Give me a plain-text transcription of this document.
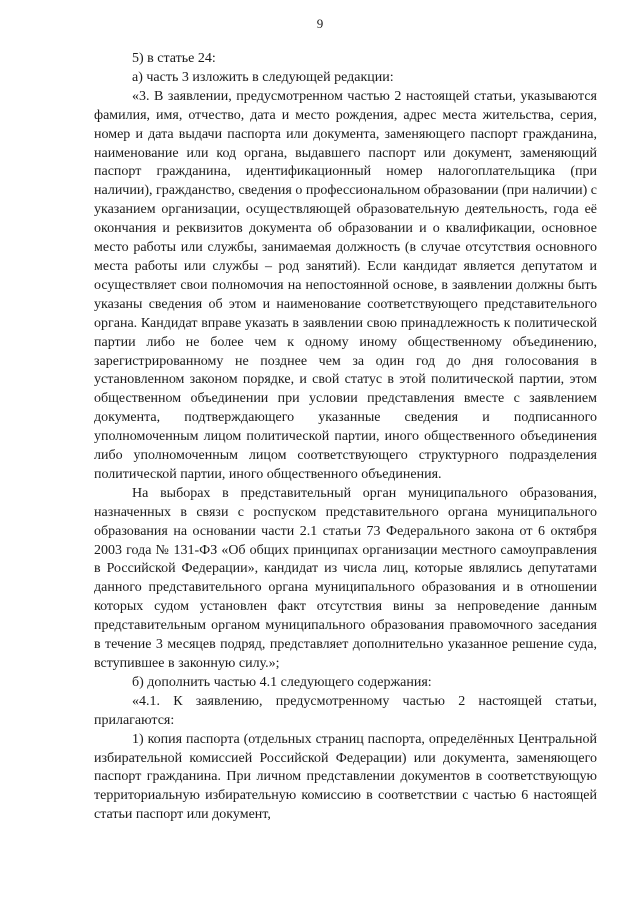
9

5) в статье 24:

а) часть 3 изложить в следующей редакции:

«3. В заявлении, предусмотренном частью 2 настоящей статьи, указываются фамилия, имя, отчество, дата и место рождения, адрес места жительства, серия, номер и дата выдачи паспорта или документа, заменяющего паспорт гражданина, наименование или код органа, выдавшего паспорт или документ, заменяющий паспорт гражданина, идентификационный номер налогоплательщика (при наличии), гражданство, сведения о профессиональном образовании (при наличии) с указанием организации, осуществляющей образовательную деятельность, года её окончания и реквизитов документа об образовании и о квалификации, основное место работы или службы, занимаемая должность (в случае отсутствия основного места работы или службы – род занятий). Если кандидат является депутатом и осуществляет свои полномочия на непостоянной основе, в заявлении должны быть указаны сведения об этом и наименование соответствующего представительного органа. Кандидат вправе указать в заявлении свою принадлежность к политической партии либо не более чем к одному иному общественному объединению, зарегистрированному не позднее чем за один год до дня голосования в установленном законом порядке, и свой статус в этой политической партии, этом общественном объединении при условии представления вместе с заявлением документа, подтверждающего указанные сведения и подписанного уполномоченным лицом политической партии, иного общественного объединения либо уполномоченным лицом соответствующего структурного подразделения политической партии, иного общественного объединения.

На выборах в представительный орган муниципального образования, назначенных в связи с роспуском представительного органа муниципального образования на основании части 2.1 статьи 73 Федерального закона от 6 октября 2003 года № 131-ФЗ «Об общих принципах организации местного самоуправления в Российской Федерации», кандидат из числа лиц, которые являлись депутатами данного представительного органа муниципального образования и в отношении которых судом установлен факт отсутствия вины за непроведение данным представительным органом муниципального образования правомочного заседания в течение 3 месяцев подряд, представляет дополнительно указанное решение суда, вступившее в законную силу.»;

б) дополнить частью 4.1 следующего содержания:

«4.1. К заявлению, предусмотренному частью 2 настоящей статьи, прилагаются:

1) копия паспорта (отдельных страниц паспорта, определённых Центральной избирательной комиссией Российской Федерации) или документа, заменяющего паспорт гражданина. При личном представлении документов в соответствующую территориальную избирательную комиссию в соответствии с частью 6 настоящей статьи паспорт или документ,
